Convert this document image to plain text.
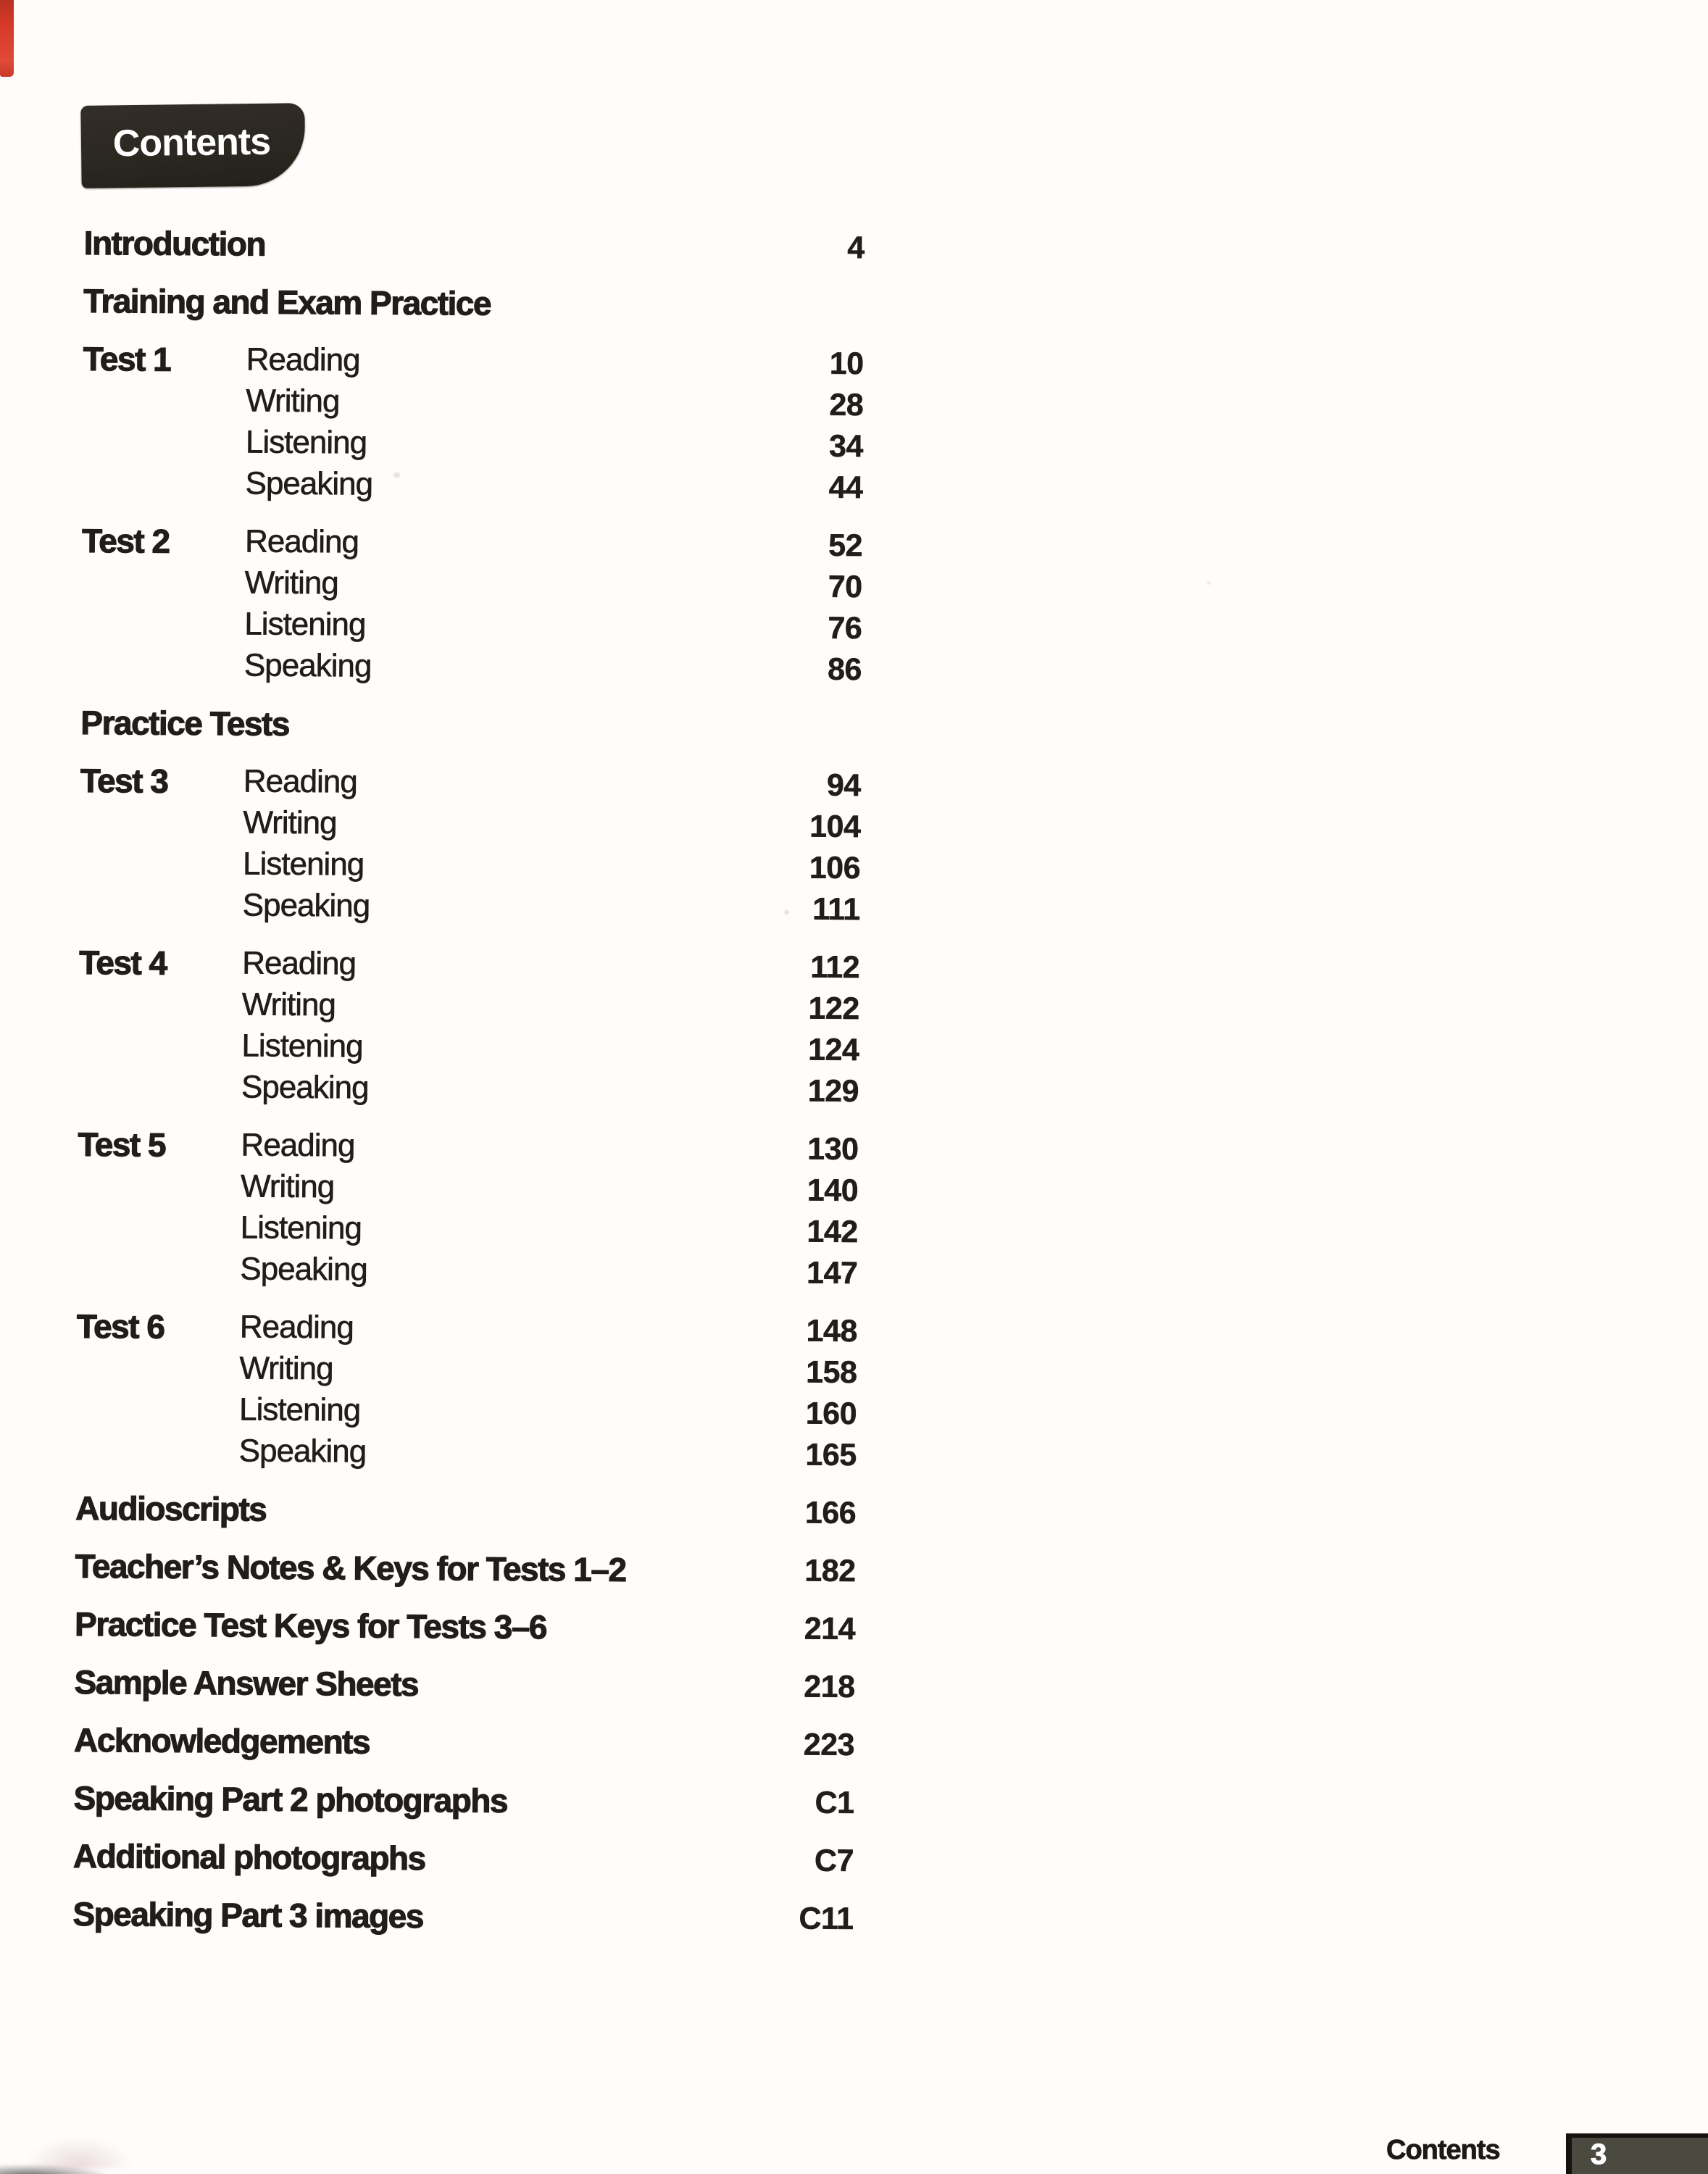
Contents
Introduction	4
Training and Exam Practice
Test 1 Reading	10
Writing	28
Listening	34
Speaking	44
Test 2 Reading	52
Writing	70
Listening	76
Speaking	86
Practice Tests
Test 3 Reading	94
Writing	104
Listening	106
Speaking	111
Test 4 Reading	112
Writing	122
Listening	124
Speaking	129
Test 5 Reading	130
Writing	140
Listening	142
Speaking	147
Test 6 Reading	148
Writing	158
Listening	160
Speaking	165
Audioscripts	166
Teacher’s Notes & Keys for Tests 1–2	182
Practice Test Keys for Tests 3–6	214
Sample Answer Sheets	218
Acknowledgements	223
Speaking Part 2 photographs	C1
Additional photographs	C7
Speaking Part 3 images	C11
Contents	3
